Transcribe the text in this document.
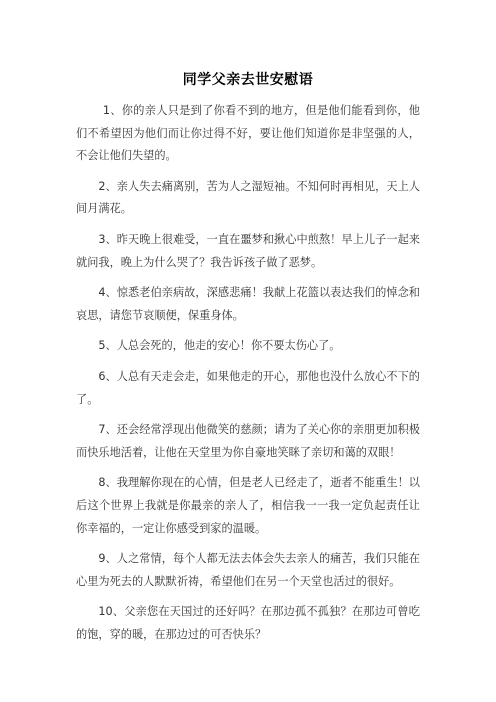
同学父亲去世安慰语

1、你的亲人只是到了你看不到的地方，但是他们能看到你，他们不希望因为他们而让你过得不好，要让他们知道你是非坚强的人，不会让他们失望的。

2、亲人失去痛离别，苦为人之湿短袖。不知何时再相见，天上人间月满花。

3、昨天晚上很难受，一直在噩梦和揪心中煎熬！早上儿子一起来就问我，晚上为什么哭了？我告诉孩子做了恶梦。

4、惊悉老伯亲病故，深感悲痛！我献上花篮以表达我们的悼念和哀思，请您节哀顺便，保重身体。

5、人总会死的，他走的安心！你不要太伤心了。

6、人总有天走会走，如果他走的开心，那他也没什么放心不下的了。

7、还会经常浮现出他微笑的慈颜；请为了关心你的亲朋更加积极而快乐地活着，让他在天堂里为你自豪地笑眯了亲切和蔼的双眼！

8、我理解你现在的心情，但是老人已经走了，逝者不能重生！以后这个世界上我就是你最亲的亲人了，相信我一一我一定负起责任让你幸福的，一定让你感受到家的温暖。

9、人之常情，每个人都无法去体会失去亲人的痛苦，我们只能在心里为死去的人默默祈祷，希望他们在另一个天堂也活过的很好。

10、父亲您在天国过的还好吗？在那边孤不孤独？在那边可曾吃的饱，穿的暖，在那边过的可否快乐？
